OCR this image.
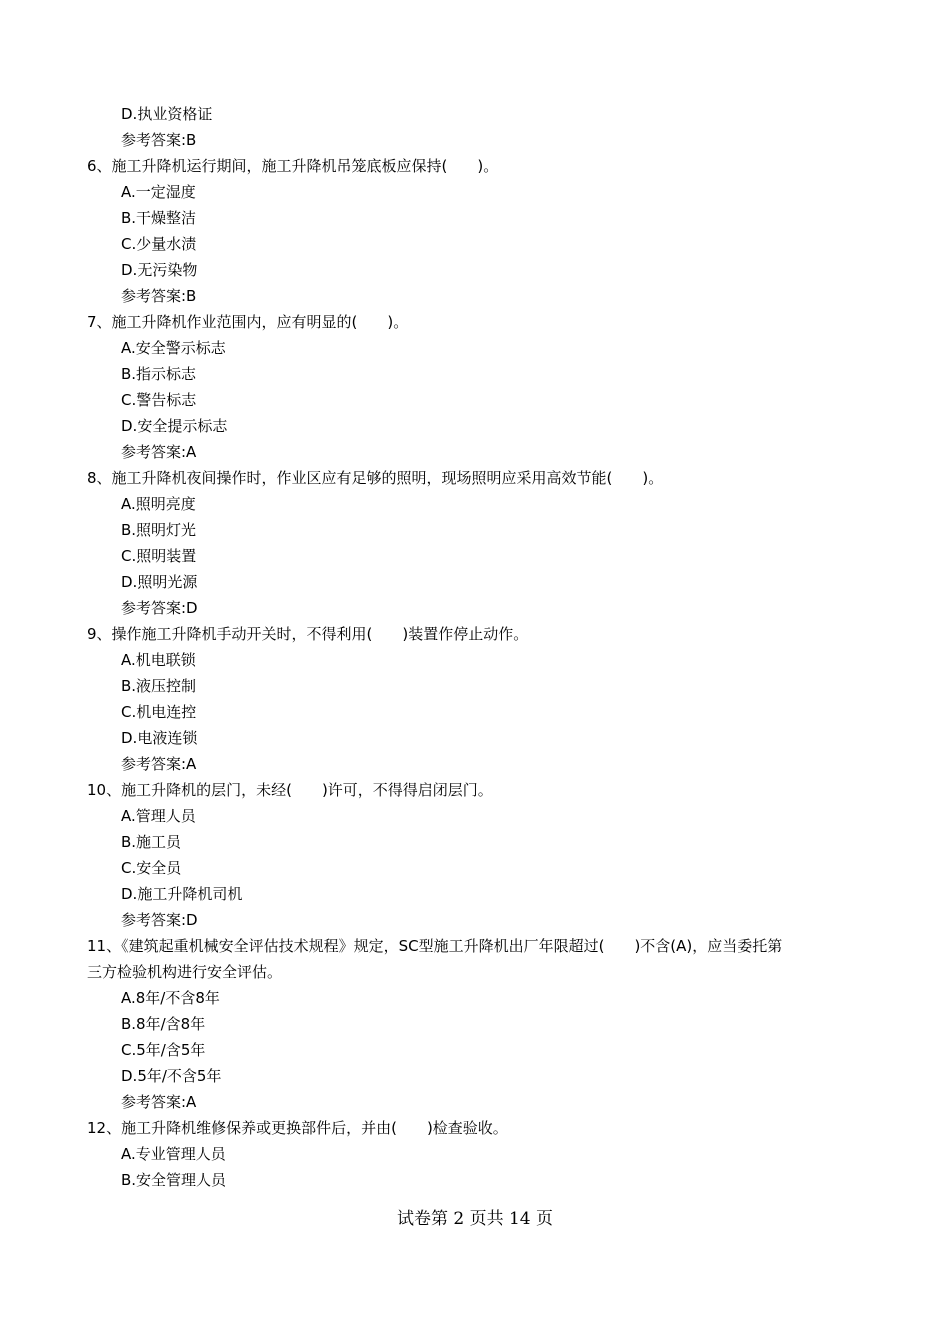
D.执业资格证
参考答案:B
6、施工升降机运行期间，施工升降机吊笼底板应保持(　　)。
A.一定湿度
B.干燥整洁
C.少量水渍
D.无污染物
参考答案:B
7、施工升降机作业范围内，应有明显的(　　)。
A.安全警示标志
B.指示标志
C.警告标志
D.安全提示标志
参考答案:A
8、施工升降机夜间操作时，作业区应有足够的照明，现场照明应采用高效节能(　　)。
A.照明亮度
B.照明灯光
C.照明装置
D.照明光源
参考答案:D
9、操作施工升降机手动开关时，不得利用(　　)装置作停止动作。
A.机电联锁
B.液压控制
C.机电连控
D.电液连锁
参考答案:A
10、施工升降机的层门，未经(　　)许可，不得得启闭层门。
A.管理人员
B.施工员
C.安全员
D.施工升降机司机
参考答案:D
11、《建筑起重机械安全评估技术规程》规定，SC型施工升降机出厂年限超过(　　)不含(A)，应当委托第
三方检验机构进行安全评估。
A.8年/不含8年
B.8年/含8年
C.5年/含5年
D.5年/不含5年
参考答案:A
12、施工升降机维修保养或更换部件后，并由(　　)检查验收。
A.专业管理人员
B.安全管理人员
试卷第 2 页共 14 页
